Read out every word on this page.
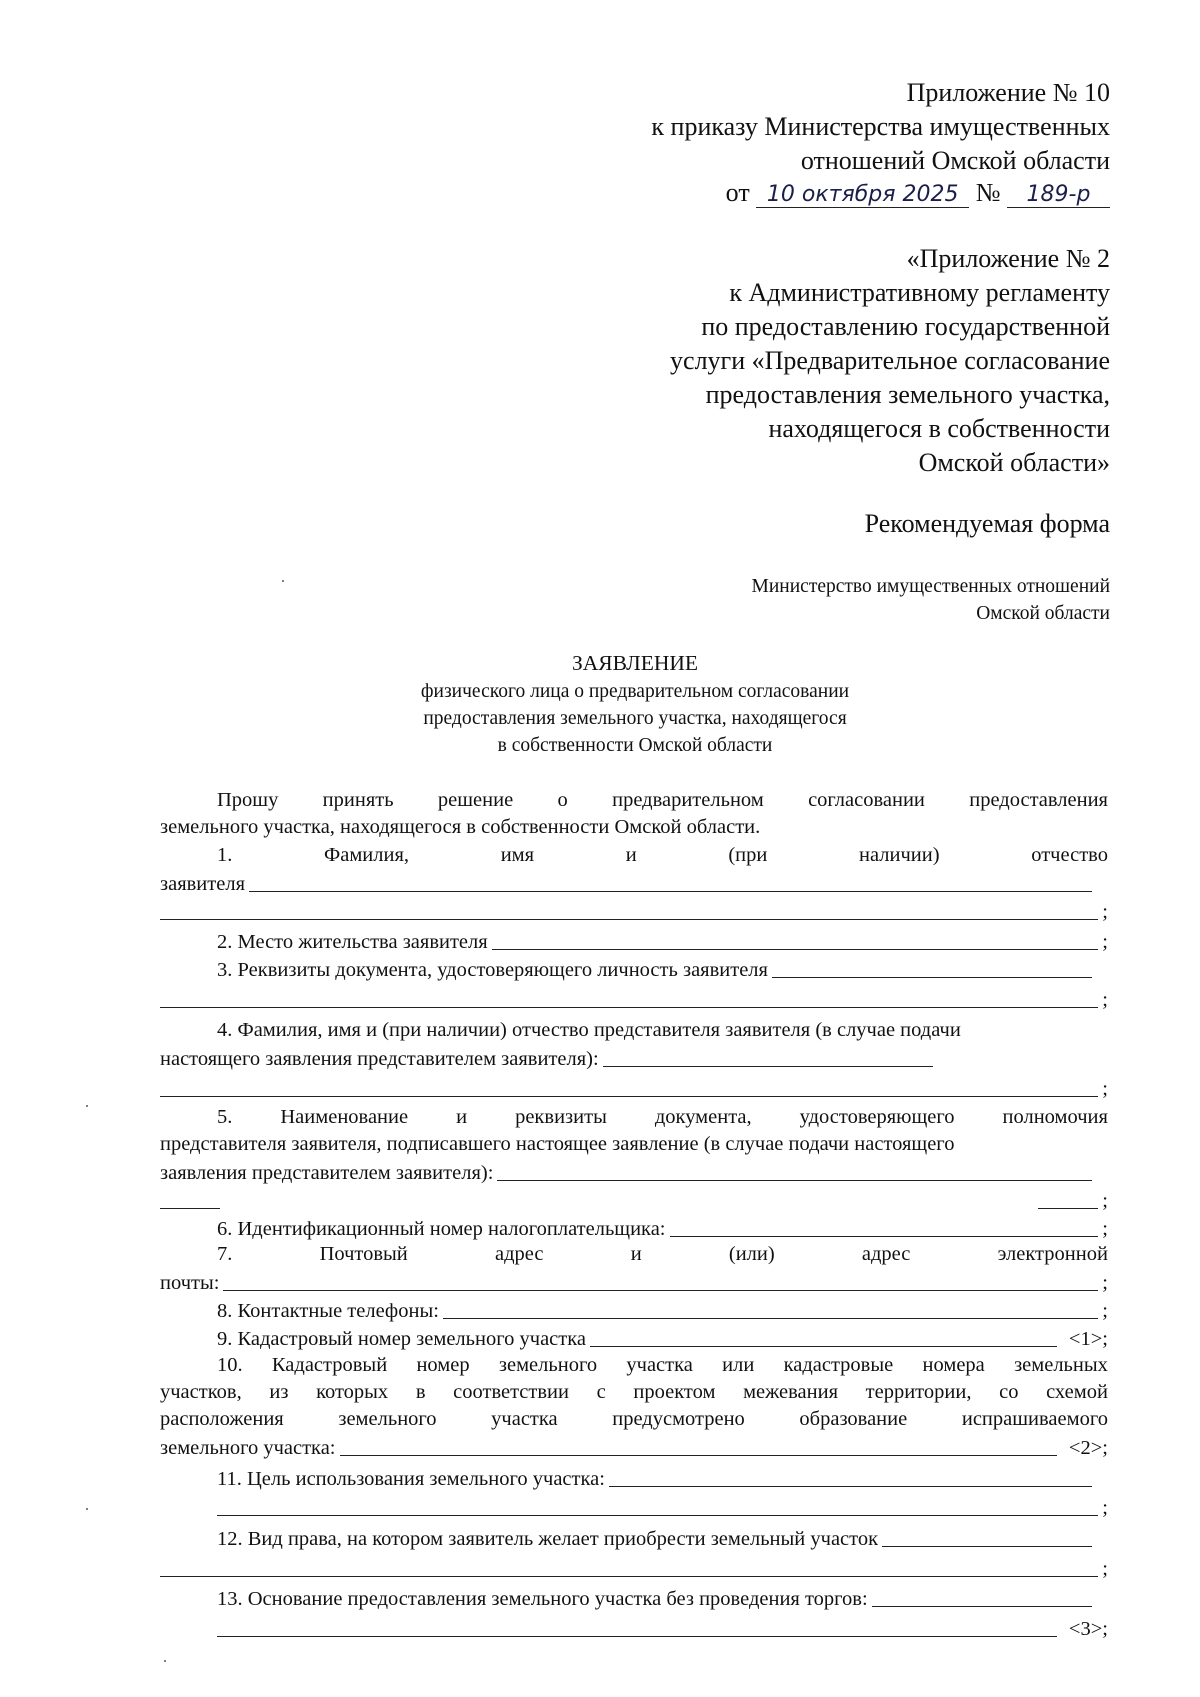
Приложение № 10
к приказу Министерства имущественных
отношений Омской области
от 10 октября 2025 № 189-р
«Приложение № 2
к Административному регламенту
по предоставлению государственной
услуги «Предварительное согласование
предоставления земельного участка,
находящегося в собственности
Омской области»
Рекомендуемая форма
Министерство имущественных отношений
Омской области
ЗАЯВЛЕНИЕ
физического лица о предварительном согласовании
предоставления земельного участка, находящегося
в собственности Омской области
Прошу принять решение о предварительном согласовании предоставления
земельного участка, находящегося в собственности Омской области.
1.	Фамилия,	имя	и	(при	наличии)	отчество
заявителя
;
2. Место жительства заявителя	;
3. Реквизиты документа, удостоверяющего личность заявителя
;
4. Фамилия, имя и (при наличии) отчество представителя заявителя (в случае подачи
настоящего заявления представителем заявителя):
;
5. Наименование и реквизиты документа, удостоверяющего полномочия
представителя заявителя, подписавшего настоящее заявление (в случае подачи настоящего
заявления представителем заявителя):
;
6. Идентификационный номер налогоплательщика:	;
7.	Почтовый	адрес	и	(или)	адрес	электронной
почты:	;
8. Контактные телефоны:	;
9. Кадастровый номер земельного участка	<1>;
10. Кадастровый номер земельного участка или кадастровые номера земельных
участков, из которых в соответствии с проектом межевания территории, со схемой
расположения	земельного	участка	предусмотрено	образование	испрашиваемого
земельного участка:	<2>;
11. Цель использования земельного участка:
;
12. Вид права, на котором заявитель желает приобрести земельный участок
;
13. Основание предоставления земельного участка без проведения торгов:
<3>;
